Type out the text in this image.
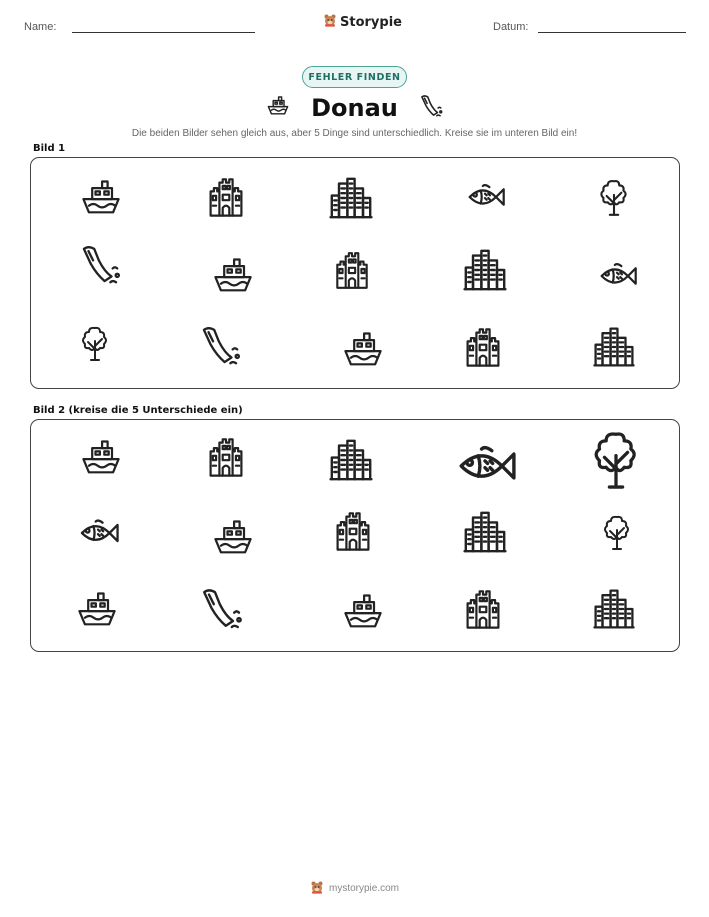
Name:	Storypie	Datum:
FEHLER FINDEN
Donau
Die beiden Bilder sehen gleich aus, aber 5 Dinge sind unterschiedlich. Kreise sie im unteren Bild ein!
Bild 1
Bild 2 (kreise die 5 Unterschiede ein)
mystorypie.com
